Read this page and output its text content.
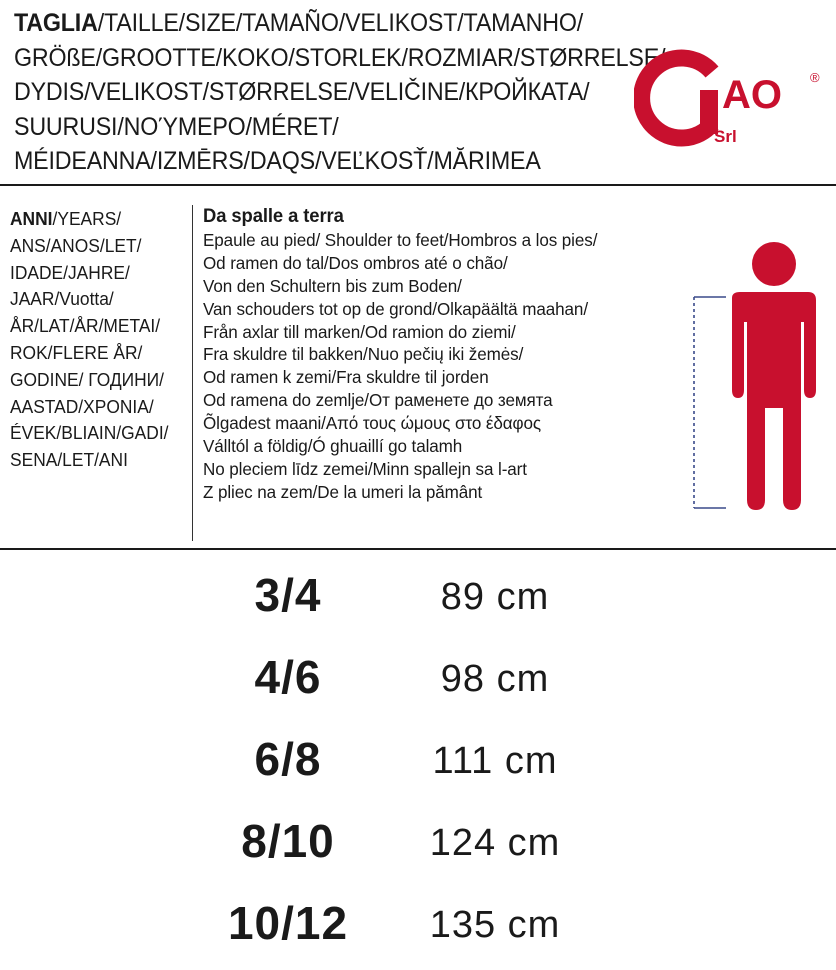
TAGLIA/TAILLE/SIZE/TAMAÑO/VELIKOST/TAMANHO/
GRÖßE/GROOTTE/KOKO/STORLEK/ROZMIAR/STØRRELSE/
DYDIS/VELIKOST/STØRRELSE/VELIČINE/КРОЙКАТА/
SUURUSI/ΝΟΎΜΕΡΟ/MÉRET/
MÉIDEANNA/IZMĒRS/DAQS/VEĽKOSŤ/MĂRIMEA
AO
Srl
®
ANNI/YEARS/
ANS/ANOS/LET/
IDADE/JAHRE/
JAAR/Vuotta/
ÅR/LAT/ÅR/METAI/
ROK/FLERE ÅR/
GODINE/ ГОДИНИ/
AASTAD/ΧΡΟΝΙΑ/
ÉVEK/BLIAIN/GADI/
SENA/LET/ANI
Da spalle a terra
Epaule au pied/ Shoulder to feet/Hombros a los pies/
Od ramen do tal/Dos ombros até o chão/
Von den Schultern bis zum Boden/
Van schouders tot op de grond/Olkapäältä maahan/
Från axlar till marken/Od ramion do ziemi/
Fra skuldre til bakken/Nuo pečių iki žemės/
Od ramen k zemi/Fra skuldre til jorden
Od ramena do zemlje/От раменете до земята
Õlgadest maani/Από τους ώμους στο έδαφος
Válltól a földig/Ó ghuaillí go talamh
No pleciem līdz zemei/Minn spallejn sa l-art
Z pliec na zem/De la umeri la pământ
3/4	89 cm
4/6	98 cm
6/8	111 cm
8/10	124 cm
10/12	135 cm
